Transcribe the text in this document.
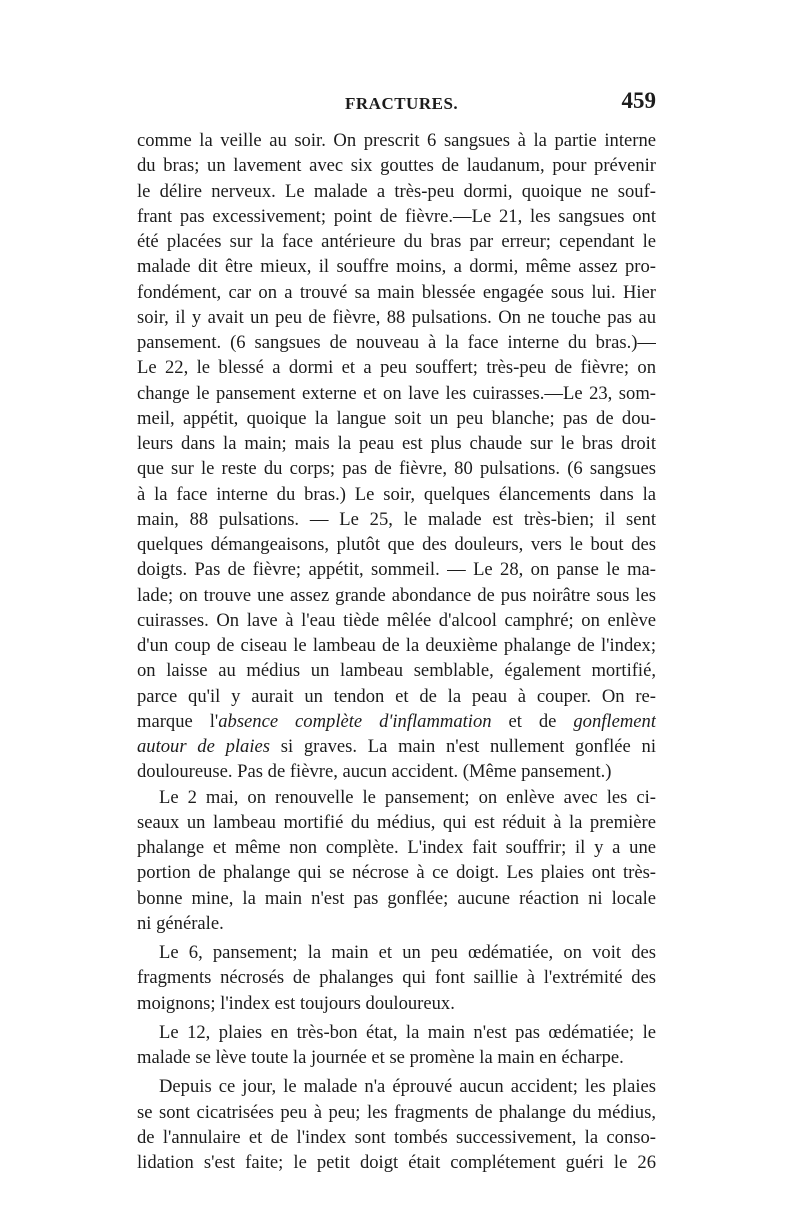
FRACTURES.	459
comme la veille au soir. On prescrit 6 sangsues à la partie interne
du bras; un lavement avec six gouttes de laudanum, pour prévenir
le délire nerveux. Le malade a très-peu dormi, quoique ne souf-
frant pas excessivement; point de fièvre.—Le 21, les sangsues ont
été placées sur la face antérieure du bras par erreur; cependant le
malade dit être mieux, il souffre moins, a dormi, même assez pro-
fondément, car on a trouvé sa main blessée engagée sous lui. Hier
soir, il y avait un peu de fièvre, 88 pulsations. On ne touche pas au
pansement. (6 sangsues de nouveau à la face interne du bras.)—
Le 22, le blessé a dormi et a peu souffert; très-peu de fièvre; on
change le pansement externe et on lave les cuirasses.—Le 23, som-
meil, appétit, quoique la langue soit un peu blanche; pas de dou-
leurs dans la main; mais la peau est plus chaude sur le bras droit
que sur le reste du corps; pas de fièvre, 80 pulsations. (6 sangsues
à la face interne du bras.) Le soir, quelques élancements dans la
main, 88 pulsations. — Le 25, le malade est très-bien; il sent
quelques démangeaisons, plutôt que des douleurs, vers le bout des
doigts. Pas de fièvre; appétit, sommeil. — Le 28, on panse le ma-
lade; on trouve une assez grande abondance de pus noirâtre sous les
cuirasses. On lave à l'eau tiède mêlée d'alcool camphré; on enlève
d'un coup de ciseau le lambeau de la deuxième phalange de l'index;
on laisse au médius un lambeau semblable, également mortifié,
parce qu'il y aurait un tendon et de la peau à couper. On re-
marque l'absence complète d'inflammation et de gonflement
autour de plaies si graves. La main n'est nullement gonflée ni
douloureuse. Pas de fièvre, aucun accident. (Même pansement.)
Le 2 mai, on renouvelle le pansement; on enlève avec les ci-
seaux un lambeau mortifié du médius, qui est réduit à la première
phalange et même non complète. L'index fait souffrir; il y a une
portion de phalange qui se nécrose à ce doigt. Les plaies ont très-
bonne mine, la main n'est pas gonflée; aucune réaction ni locale
ni générale.
Le 6, pansement; la main et un peu œdématiée, on voit des
fragments nécrosés de phalanges qui font saillie à l'extrémité des
moignons; l'index est toujours douloureux.
Le 12, plaies en très-bon état, la main n'est pas œdématiée; le
malade se lève toute la journée et se promène la main en écharpe.
Depuis ce jour, le malade n'a éprouvé aucun accident; les plaies
se sont cicatrisées peu à peu; les fragments de phalange du médius,
de l'annulaire et de l'index sont tombés successivement, la conso-
lidation s'est faite; le petit doigt était complétement guéri le 26
